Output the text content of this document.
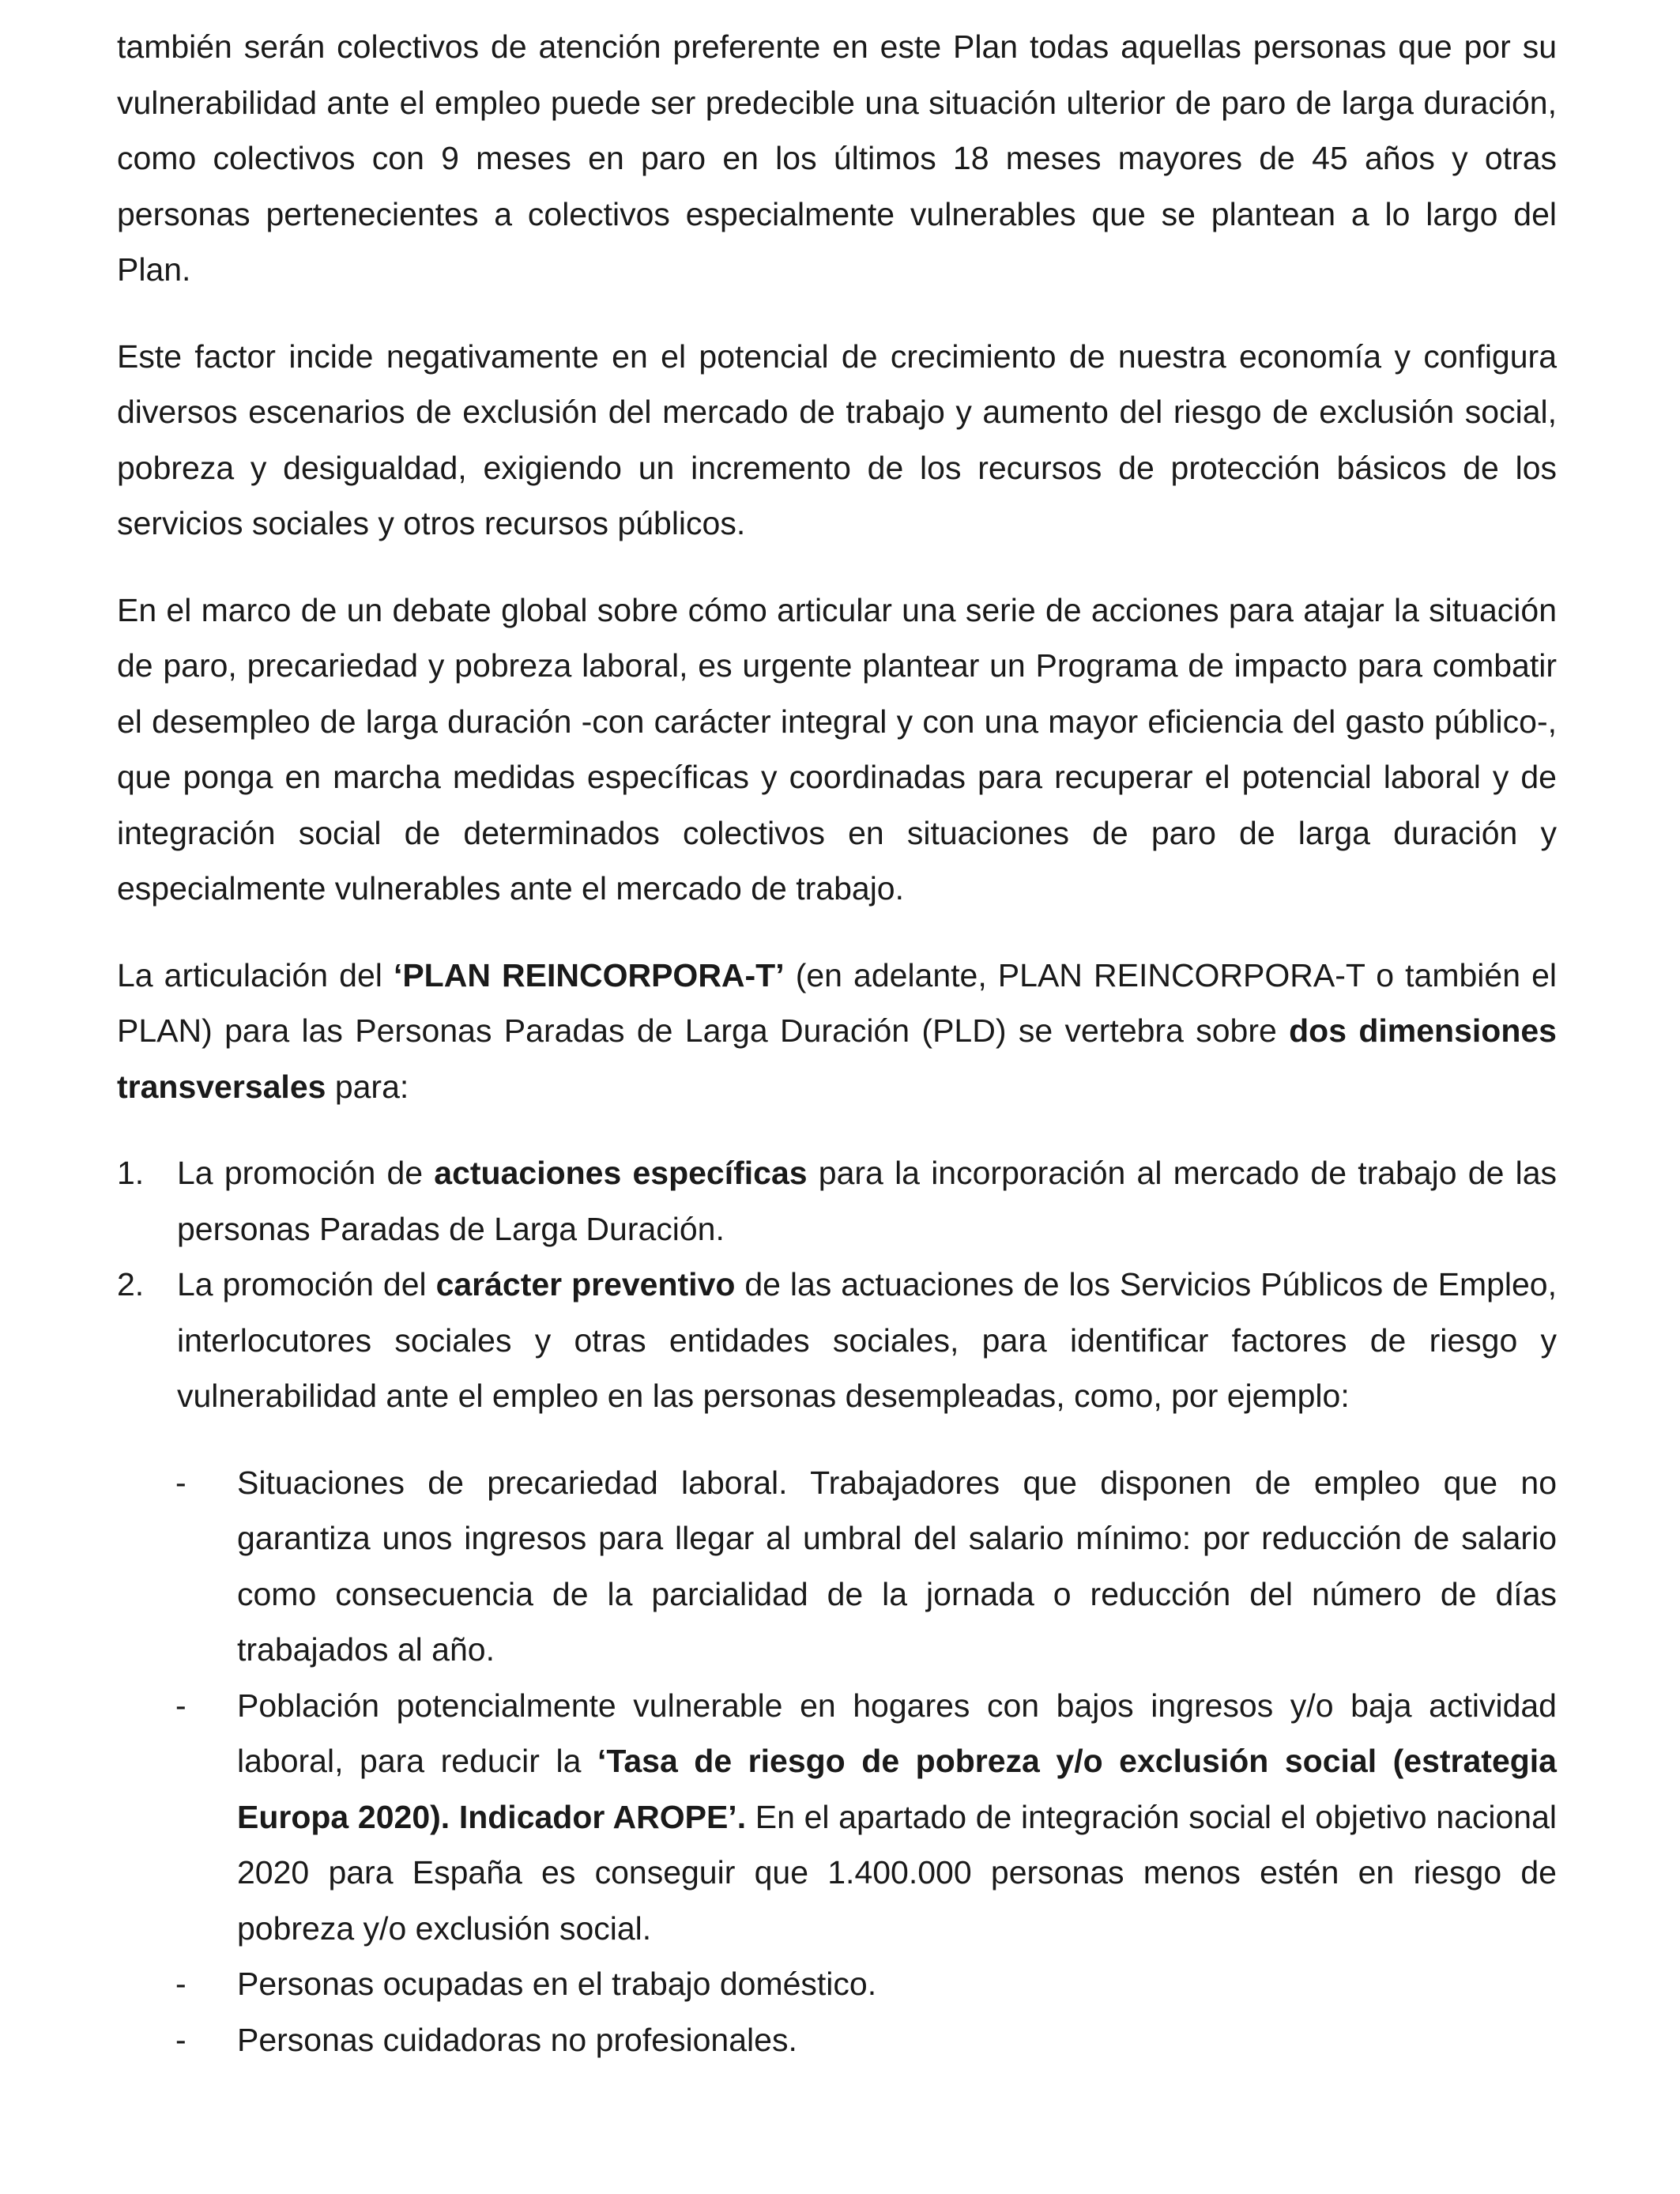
también serán colectivos de atención preferente en este Plan todas aquellas personas que por su vulnerabilidad ante el empleo puede ser predecible una situación ulterior de paro de larga duración, como colectivos con 9 meses en paro en los últimos 18 meses mayores de 45 años y otras personas pertenecientes a colectivos especialmente vulnerables que se plantean a lo largo del Plan.

Este factor incide negativamente en el potencial de crecimiento de nuestra economía y configura diversos escenarios de exclusión del mercado de trabajo y aumento del riesgo de exclusión social, pobreza y desigualdad, exigiendo un incremento de los recursos de protección básicos de los servicios sociales y otros recursos públicos.

En el marco de un debate global sobre cómo articular una serie de acciones para atajar la situación de paro, precariedad y pobreza laboral, es urgente plantear un Programa de impacto para combatir el desempleo de larga duración -con carácter integral y con una mayor eficiencia del gasto público-, que ponga en marcha medidas específicas y coordinadas para recuperar el potencial laboral y de integración social de determinados colectivos en situaciones de paro de larga duración y especialmente vulnerables ante el mercado de trabajo.

La articulación del ‘PLAN REINCORPORA-T’ (en adelante, PLAN REINCORPORA-T o también el PLAN) para las Personas Paradas de Larga Duración (PLD) se vertebra sobre dos dimensiones transversales para:

1. La promoción de actuaciones específicas para la incorporación al mercado de trabajo de las personas Paradas de Larga Duración.
2. La promoción del carácter preventivo de las actuaciones de los Servicios Públicos de Empleo, interlocutores sociales y otras entidades sociales, para identificar factores de riesgo y vulnerabilidad ante el empleo en las personas desempleadas, como, por ejemplo:
- Situaciones de precariedad laboral. Trabajadores que disponen de empleo que no garantiza unos ingresos para llegar al umbral del salario mínimo: por reducción de salario como consecuencia de la parcialidad de la jornada o reducción del número de días trabajados al año.
- Población potencialmente vulnerable en hogares con bajos ingresos y/o baja actividad laboral, para reducir la ‘Tasa de riesgo de pobreza y/o exclusión social (estrategia Europa 2020). Indicador AROPE’. En el apartado de integración social el objetivo nacional 2020 para España es conseguir que 1.400.000 personas menos estén en riesgo de pobreza y/o exclusión social.
- Personas ocupadas en el trabajo doméstico.
- Personas cuidadoras no profesionales.
